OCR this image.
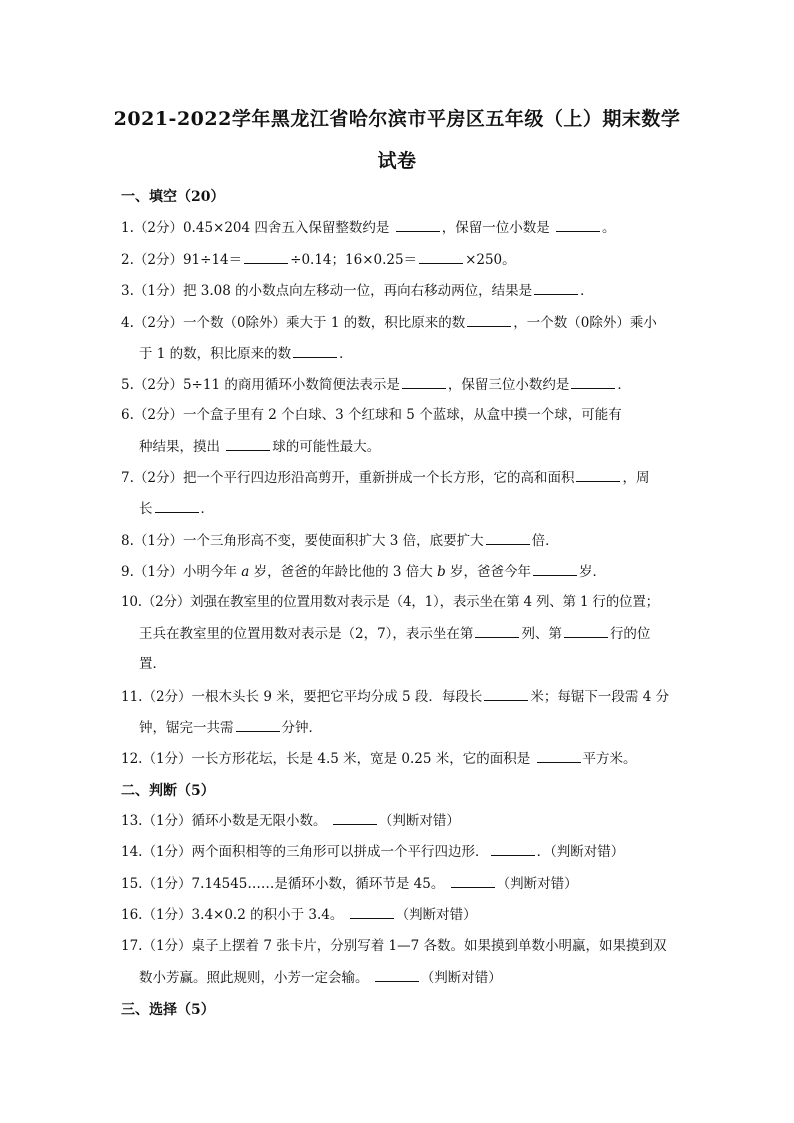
2021-2022学年黑龙江省哈尔滨市平房区五年级（上）期末数学
试卷
一、填空（20）
1.（2分）0.45×204 四舍五入保留整数约是	，保留一位小数是	。
2.（2分）91÷14＝	÷0.14；16×0.25＝	×250。
3.（1分）把 3.08 的小数点向左移动一位，再向右移动两位，结果是	．
4.（2分）一个数（0除外）乘大于 1 的数，积比原来的数	，一个数（0除外）乘小
于 1 的数，积比原来的数	．
5.（2分）5÷11 的商用循环小数简便法表示是	，保留三位小数约是	．
6.（2分）一个盒子里有 2 个白球、3 个红球和 5 个蓝球，从盒中摸一个球，可能有
种结果，摸出	球的可能性最大。
7.（2分）把一个平行四边形沿高剪开，重新拼成一个长方形，它的高和面积	，周
长	．
8.（1分）一个三角形高不变，要使面积扩大 3 倍，底要扩大	倍．
9.（1分）小明今年 a 岁，爸爸的年龄比他的 3 倍大 b 岁，爸爸今年	岁．
10.（2分）刘强在教室里的位置用数对表示是（4，1），表示坐在第 4 列、第 1 行的位置；
王兵在教室里的位置用数对表示是（2，7），表示坐在第	列、第	行的位
置．
11.（2分）一根木头长 9 米，要把它平均分成 5 段．每段长	米；每锯下一段需 4 分
钟，锯完一共需	分钟．
12.（1分）一长方形花坛，长是 4.5 米，宽是 0.25 米，它的面积是	平方米。
二、判断（5）
13.（1分）循环小数是无限小数。	（判断对错）
14.（1分）两个面积相等的三角形可以拼成一个平行四边形．	．（判断对错）
15.（1分）7.14545……是循环小数，循环节是 45。	（判断对错）
16.（1分）3.4×0.2 的积小于 3.4。	（判断对错）
17.（1分）桌子上摆着 7 张卡片，分别写着 1—7 各数。如果摸到单数小明赢，如果摸到双
数小芳赢。照此规则，小芳一定会输。	（判断对错）
三、选择（5）
